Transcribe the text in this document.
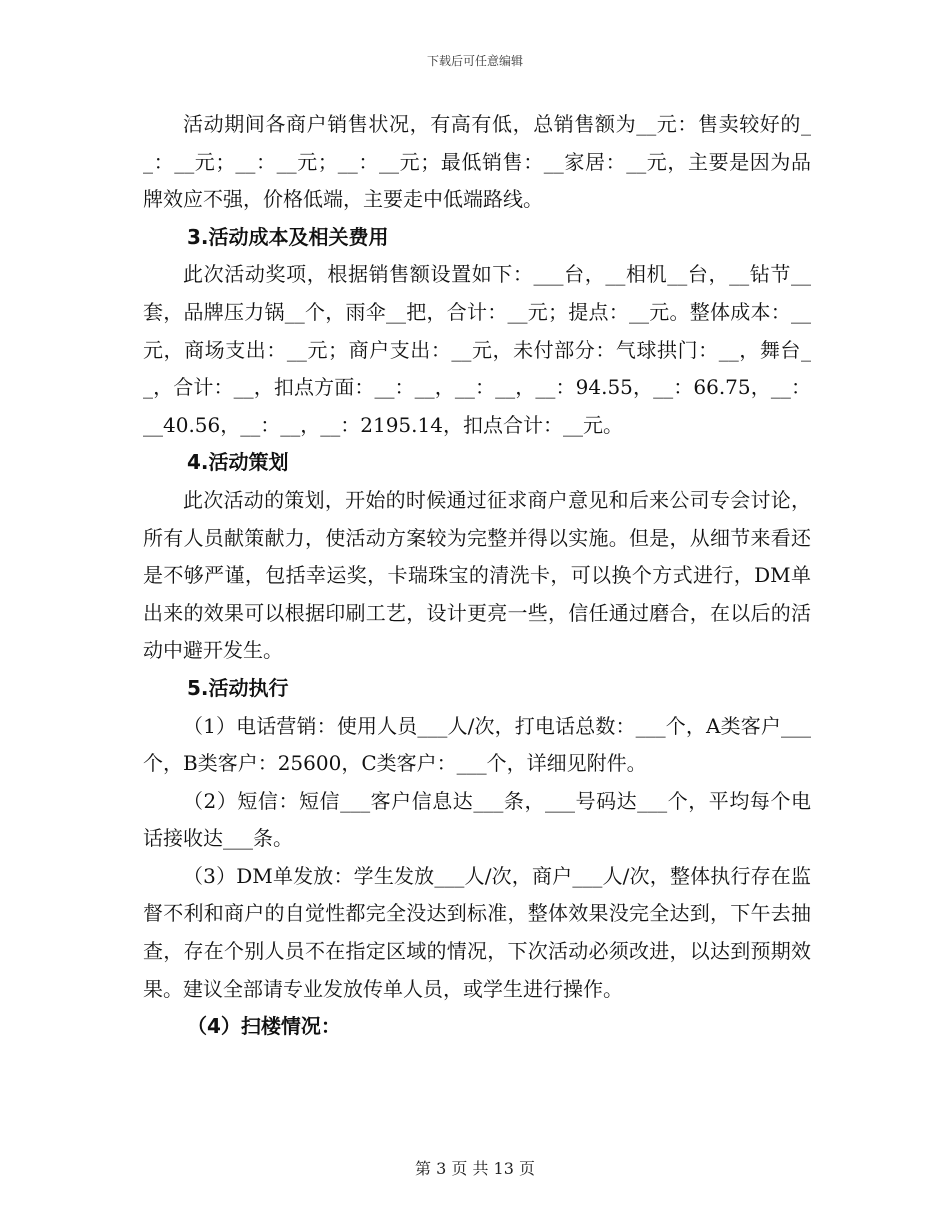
下载后可任意编辑

活动期间各商户销售状况，有高有低，总销售额为__元：售卖较好的__：__元；__：__元；__：__元；最低销售：__家居：__元，主要是因为品牌效应不强，价格低端，主要走中低端路线。

3.活动成本及相关费用

此次活动奖项，根据销售额设置如下：___台，__相机__台，__钻节__套，品牌压力锅__个，雨伞__把，合计：__元；提点：__元。整体成本：__元，商场支出：__元；商户支出：__元，未付部分：气球拱门：__，舞台__，合计：__，扣点方面：__：__，__：__，__：94.55，__：66.75，__：__40.56，__：__，__：2195.14，扣点合计：__元。

4.活动策划

此次活动的策划，开始的时候通过征求商户意见和后来公司专会讨论，所有人员献策献力，使活动方案较为完整并得以实施。但是，从细节来看还是不够严谨，包括幸运奖，卡瑞珠宝的清洗卡，可以换个方式进行，DM单出来的效果可以根据印刷工艺，设计更亮一些，信任通过磨合，在以后的活动中避开发生。

5.活动执行

（1）电话营销：使用人员___人/次，打电话总数：___个，A类客户___个，B类客户：25600，C类客户：___个，详细见附件。

（2）短信：短信___客户信息达___条，___号码达___个，平均每个电话接收达___条。

（3）DM单发放：学生发放___人/次，商户___人/次，整体执行存在监督不利和商户的自觉性都完全没达到标准，整体效果没完全达到，下午去抽查，存在个别人员不在指定区域的情况，下次活动必须改进，以达到预期效果。建议全部请专业发放传单人员，或学生进行操作。

（4）扫楼情况：

第 3 页 共 13 页
